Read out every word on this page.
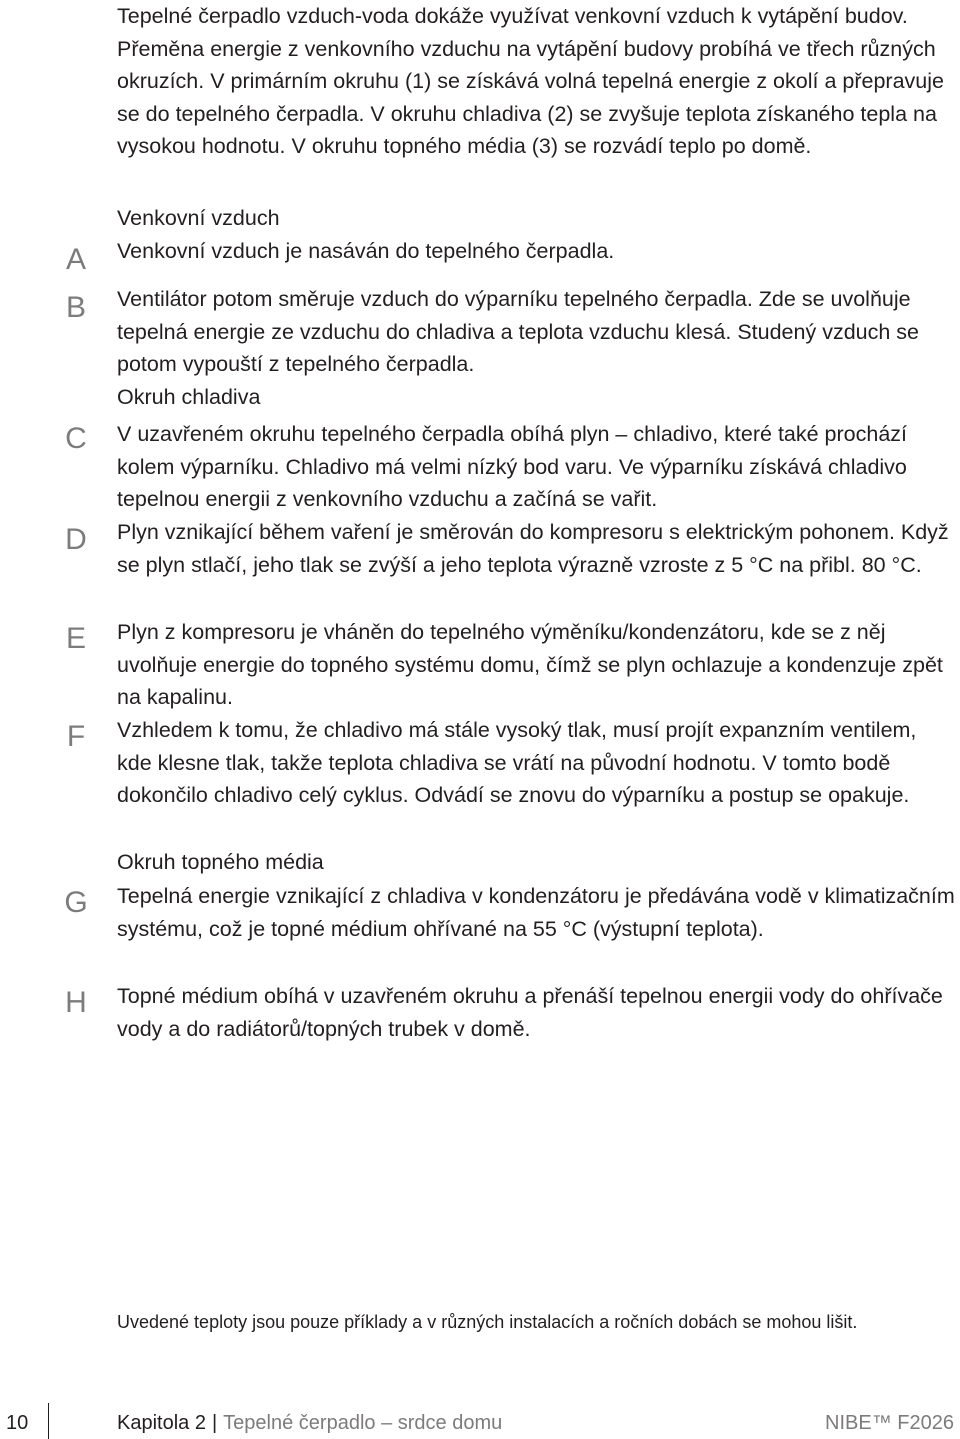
Tepelné čerpadlo vzduch-voda dokáže využívat venkovní vzduch k vytápění budov. Přeměna energie z venkovního vzduchu na vytápění budovy probíhá ve třech různých okruzích. V primárním okruhu (1) se získává volná tepelná energie z okolí a přepravuje se do tepelného čerpadla. V okruhu chladiva (2) se zvyšuje teplota získaného tepla na vysokou hodnotu. V okruhu topného média (3) se rozvádí teplo po domě.

Venkovní vzduch
A Venkovní vzduch je nasáván do tepelného čerpadla.

B Ventilátor potom směruje vzduch do výparníku tepelného čerpadla. Zde se uvolňuje tepelná energie ze vzduchu do chladiva a teplota vzduchu klesá. Studený vzduch se potom vypouští z tepelného čerpadla.

Okruh chladiva
C V uzavřeném okruhu tepelného čerpadla obíhá plyn – chladivo, které také prochází kolem výparníku. Chladivo má velmi nízký bod varu. Ve výparníku získává chladivo tepelnou energii z venkovního vzduchu a začíná se vařit.

D Plyn vznikající během vaření je směrován do kompresoru s elektrickým pohonem. Když se plyn stlačí, jeho tlak se zvýší a jeho teplota výrazně vzroste z 5 °C na přibl. 80 °C.

E Plyn z kompresoru je vháněn do tepelného výměníku/kondenzátoru, kde se z něj uvolňuje energie do topného systému domu, čímž se plyn ochlazuje a kondenzuje zpět na kapalinu.

F Vzhledem k tomu, že chladivo má stále vysoký tlak, musí projít expanzním ventilem, kde klesne tlak, takže teplota chladiva se vrátí na původní hodnotu. V tomto bodě dokončilo chladivo celý cyklus. Odvádí se znovu do výparníku a postup se opakuje.

Okruh topného média
G Tepelná energie vznikající z chladiva v kondenzátoru je předávána vodě v klimatizačním systému, což je topné médium ohřívané na 55 °C (výstupní teplota).

H Topné médium obíhá v uzavřeném okruhu a přenáší tepelnou energii vody do ohřívače vody a do radiátorů/topných trubek v domě.

Uvedené teploty jsou pouze příklady a v různých instalacích a ročních dobách se mohou lišit.

10	Kapitola 2 | Tepelné čerpadlo – srdce domu	NIBE™ F2026
